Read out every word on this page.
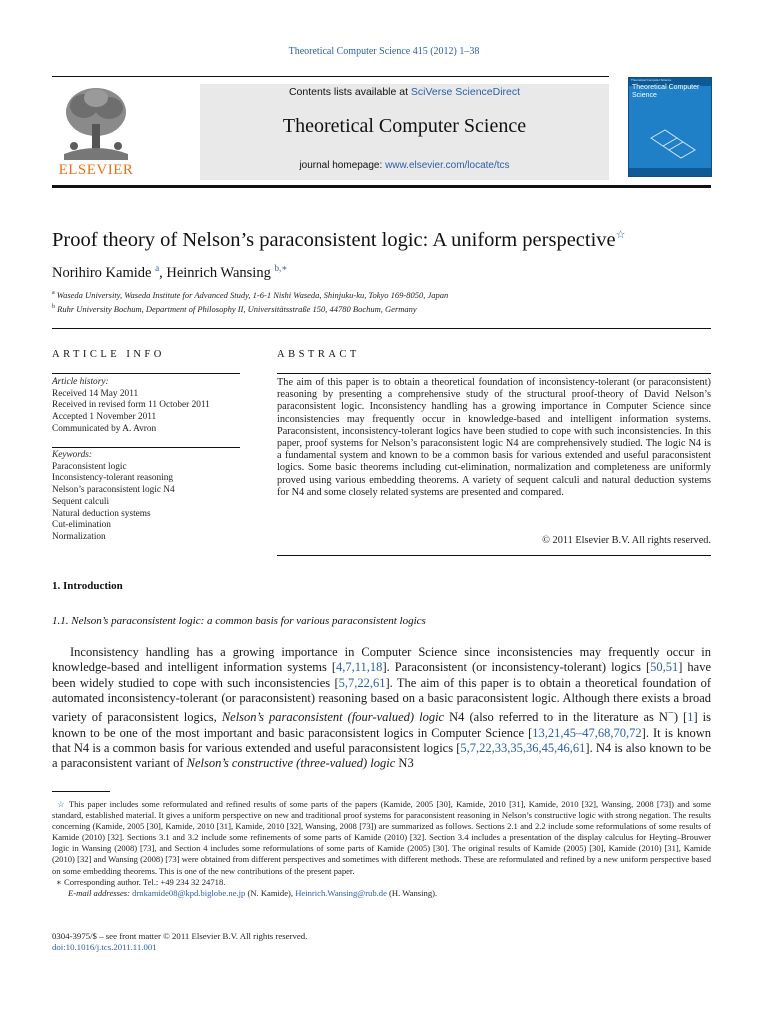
Theoretical Computer Science 415 (2012) 1–38
ELSEVIER
Contents lists available at SciVerse ScienceDirect
Theoretical Computer Science
journal homepage: www.elsevier.com/locate/tcs
Theoretical Computer Science
Theoretical Computer Science
Proof theory of Nelson’s paraconsistent logic: A uniform perspective☆
Norihiro Kamide $^a$, Heinrich Wansing $^{b,∗}$
$^a$ Waseda University, Waseda Institute for Advanced Study, 1-6-1 Nishi Waseda, Shinjuku-ku, Tokyo 169-8050, Japan
$^b$ Ruhr University Bochum, Department of Philosophy II, Universitätsstraße 150, 44780 Bochum, Germany
ARTICLE INFO
Article history:
Received 14 May 2011
Received in revised form 11 October 2011
Accepted 1 November 2011
Communicated by A. Avron
Keywords:
Paraconsistent logic
Inconsistency-tolerant reasoning
Nelson’s paraconsistent logic N4
Sequent calculi
Natural deduction systems
Cut-elimination
Normalization
ABSTRACT
The aim of this paper is to obtain a theoretical foundation of inconsistency-tolerant (or paraconsistent) reasoning by presenting a comprehensive study of the structural proof-theory of David Nelson’s paraconsistent logic. Inconsistency handling has a growing importance in Computer Science since inconsistencies may frequently occur in knowledge-based and intelligent information systems. Paraconsistent, inconsistency-tolerant logics have been studied to cope with such inconsistencies. In this paper, proof systems for Nelson’s paraconsistent logic N4 are comprehensively studied. The logic N4 is a fundamental system and known to be a common basis for various extended and useful paraconsistent logics. Some basic theorems including cut-elimination, normalization and completeness are uniformly proved using various embedding theorems. A variety of sequent calculi and natural deduction systems for N4 and some closely related systems are presented and compared.
© 2011 Elsevier B.V. All rights reserved.
1. Introduction
1.1. Nelson’s paraconsistent logic: a common basis for various paraconsistent logics
Inconsistency handling has a growing importance in Computer Science since inconsistencies may frequently occur in knowledge-based and intelligent information systems [4,7,11,18]. Paraconsistent (or inconsistency-tolerant) logics [50,51] have been widely studied to cope with such inconsistencies [5,7,22,61]. The aim of this paper is to obtain a theoretical foundation of automated inconsistency-tolerant (or paraconsistent) reasoning based on a basic paraconsistent logic. Although there exists a broad variety of paraconsistent logics, Nelson’s paraconsistent (four-valued) logic N4 (also referred to in the literature as N−) [1] is known to be one of the most important and basic paraconsistent logics in Computer Science [13,21,45–47,68,70,72]. It is known that N4 is a common basis for various extended and useful paraconsistent logics [5,7,22,33,35,36,45,46,61]. N4 is also known to be a paraconsistent variant of Nelson’s constructive (three-valued) logic N3
☆ This paper includes some reformulated and refined results of some parts of the papers (Kamide, 2005 [30], Kamide, 2010 [31], Kamide, 2010 [32], Wansing, 2008 [73]) and some standard, established material. It gives a uniform perspective on new and traditional proof systems for paraconsistent reasoning in Nelson’s constructive logic with strong negation. The results concerning (Kamide, 2005 [30], Kamide, 2010 [31], Kamide, 2010 [32], Wansing, 2008 [73]) are summarized as follows. Sections 2.1 and 2.2 include some reformulations of some results of Kamide (2010) [32]. Sections 3.1 and 3.2 include some refinements of some parts of Kamide (2010) [32]. Section 3.4 includes a presentation of the display calculus for Heyting–Brouwer logic in Wansing (2008) [73], and Section 4 includes some reformulations of some parts of Kamide (2005) [30]. The original results of Kamide (2005) [30], Kamide (2010) [31], Kamide (2010) [32] and Wansing (2008) [73] were obtained from different perspectives and sometimes with different methods. These are reformulated and refined by a new uniform perspective based on some embedding theorems. This is one of the new contributions of the present paper.
∗ Corresponding author. Tel.: +49 234 32 24718.
E-mail addresses: drnkamide08@kpd.biglobe.ne.jp (N. Kamide), Heinrich.Wansing@rub.de (H. Wansing).
0304-3975/$ – see front matter © 2011 Elsevier B.V. All rights reserved.
doi:10.1016/j.tcs.2011.11.001
